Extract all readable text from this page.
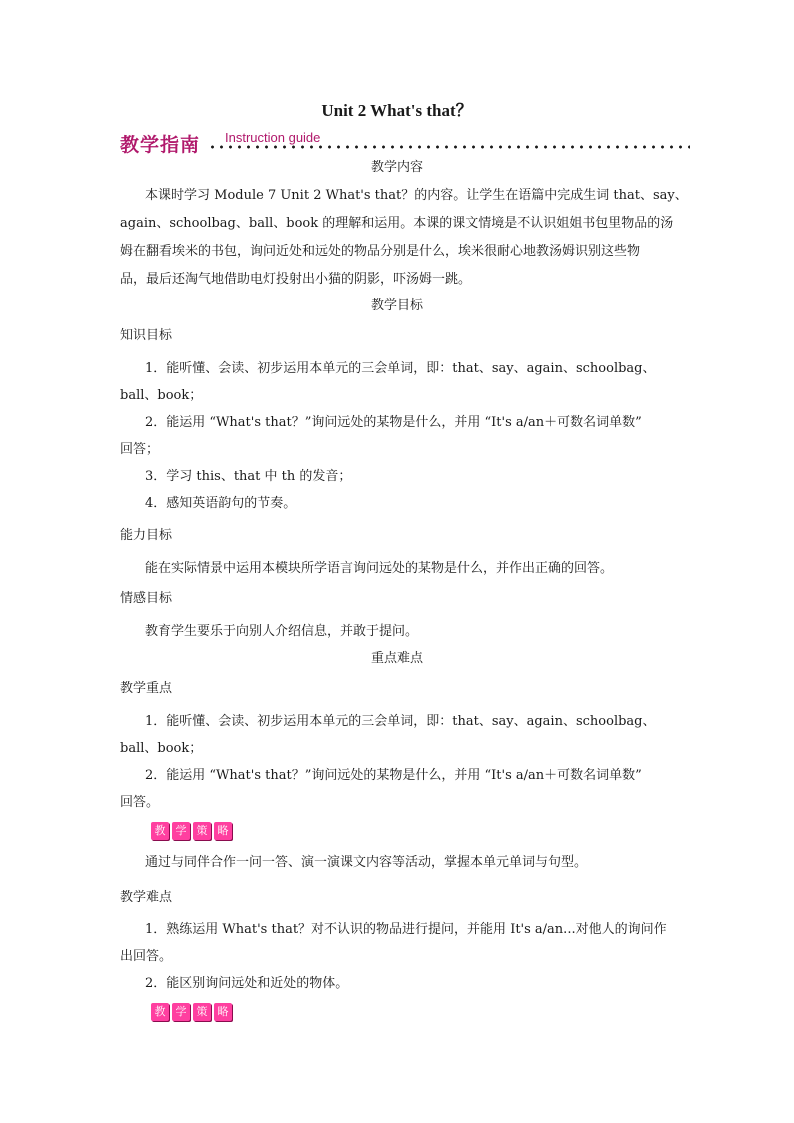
Unit 2 What's that？
教学指南 Instruction guide
教学内容
本课时学习 Module 7 Unit 2 What's that？的内容。让学生在语篇中完成生词 that、say、
again、schoolbag、ball、book 的理解和运用。本课的课文情境是不认识姐姐书包里物品的汤
姆在翻看埃米的书包，询问近处和远处的物品分别是什么，埃米很耐心地教汤姆识别这些物
品，最后还淘气地借助电灯投射出小猫的阴影，吓汤姆一跳。
教学目标
知识目标
1．能听懂、会读、初步运用本单元的三会单词，即：that、say、again、schoolbag、
ball、book；
2．能运用 “What's that？”询问远处的某物是什么，并用 “It's a/an＋可数名词单数”
回答；
3．学习 this、that 中 th 的发音；
4．感知英语韵句的节奏。
能力目标
能在实际情景中运用本模块所学语言询问远处的某物是什么，并作出正确的回答。
情感目标
教育学生要乐于向别人介绍信息，并敢于提问。
重点难点
教学重点
1．能听懂、会读、初步运用本单元的三会单词，即：that、say、again、schoolbag、
ball、book；
2．能运用 “What's that？”询问远处的某物是什么，并用 “It's a/an＋可数名词单数”
回答。
教 学 策 略
通过与同伴合作一问一答、演一演课文内容等活动，掌握本单元单词与句型。
教学难点
1．熟练运用 What's that？对不认识的物品进行提问，并能用 It's a/an...对他人的询问作
出回答。
2．能区别询问远处和近处的物体。
教 学 策 略
